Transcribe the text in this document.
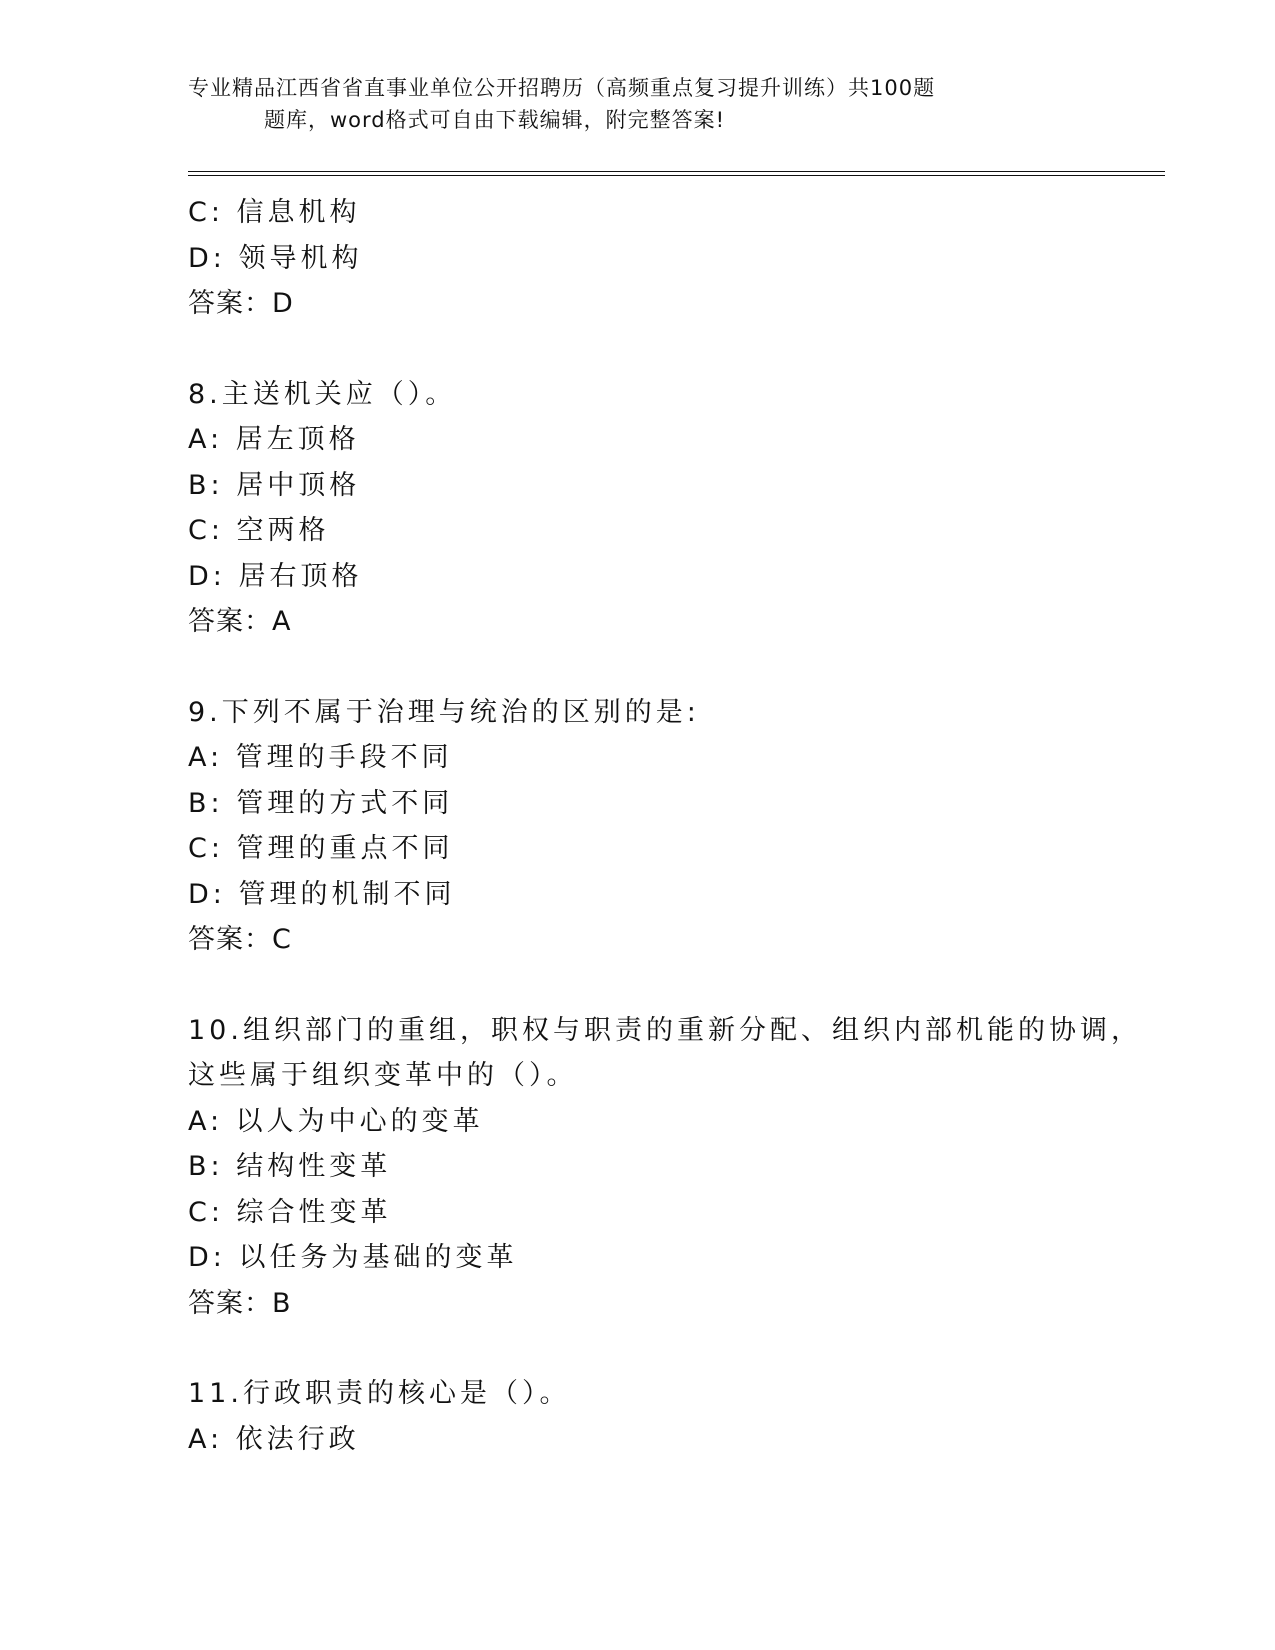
专业精品江西省省直事业单位公开招聘历（高频重点复习提升训练）共100题
题库，word格式可自由下载编辑，附完整答案!
C: 信息机构
D: 领导机构
答案：D
8.主送机关应（）。
A: 居左顶格
B: 居中顶格
C: 空两格
D: 居右顶格
答案：A
9.下列不属于治理与统治的区别的是:
A: 管理的手段不同
B: 管理的方式不同
C: 管理的重点不同
D: 管理的机制不同
答案：C
10.组织部门的重组，职权与职责的重新分配、组织内部机能的协调，
这些属于组织变革中的（）。
A: 以人为中心的变革
B: 结构性变革
C: 综合性变革
D: 以任务为基础的变革
答案：B
11.行政职责的核心是（）。
A: 依法行政
